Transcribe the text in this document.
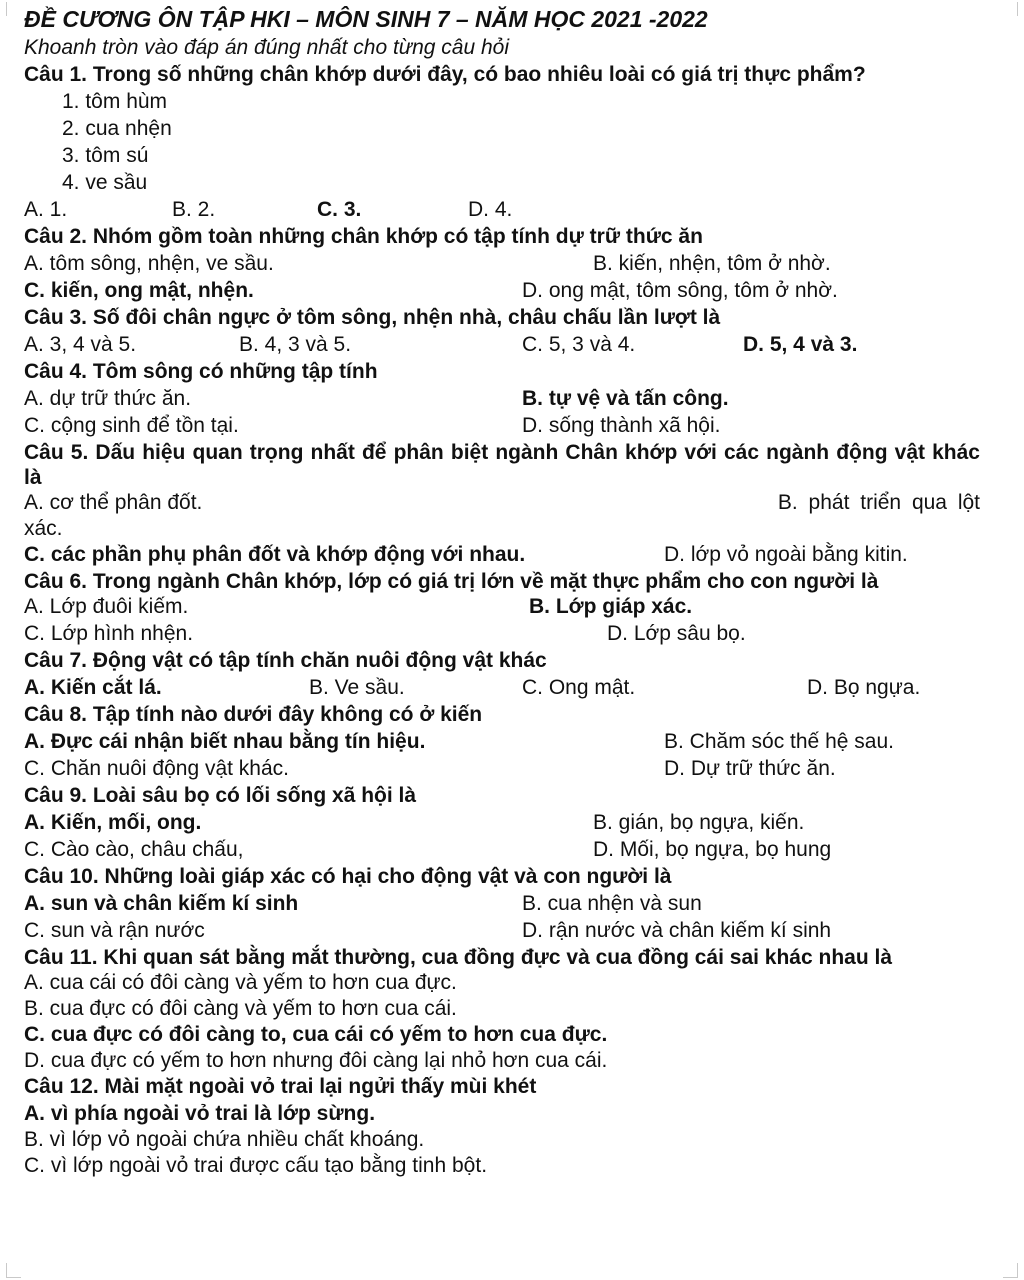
ĐỀ CƯƠNG ÔN TẬP HKI – MÔN SINH 7 – NĂM HỌC 2021 -2022
Khoanh tròn vào đáp án đúng nhất cho từng câu hỏi
Câu 1. Trong số những chân khớp dưới đây, có bao nhiêu loài có giá trị thực phẩm?
1. tôm hùm
2. cua nhện
3. tôm sú
4. ve sầu
A. 1.	B. 2.	C. 3.	D. 4.
Câu 2. Nhóm gồm toàn những chân khớp có tập tính dự trữ thức ăn
A. tôm sông, nhện, ve sầu.	B. kiến, nhện, tôm ở nhờ.
C. kiến, ong mật, nhện.	D. ong mật, tôm sông, tôm ở nhờ.
Câu 3. Số đôi chân ngực ở tôm sông, nhện nhà, châu chấu lần lượt là
A. 3, 4 và 5.	B. 4, 3 và 5.	C. 5, 3 và 4.	D. 5, 4 và 3.
Câu 4. Tôm sông có những tập tính
A. dự trữ thức ăn.	B. tự vệ và tấn công.
C. cộng sinh để tồn tại.	D. sống thành xã hội.
Câu 5. Dấu hiệu quan trọng nhất để phân biệt ngành Chân khớp với các ngành động vật khác là
A. cơ thể phân đốt.	B. phát triển qua lột
xác.
C. các phần phụ phân đốt và khớp động với nhau.	D. lớp vỏ ngoài bằng kitin.
Câu 6. Trong ngành Chân khớp, lớp có giá trị lớn về mặt thực phẩm cho con người là
A. Lớp đuôi kiếm.	B. Lớp giáp xác.
C. Lớp hình nhện.	D. Lớp sâu bọ.
Câu 7. Động vật có tập tính chăn nuôi động vật khác
A. Kiến cắt lá.	B. Ve sầu.	C. Ong mật.	D. Bọ ngựa.
Câu 8. Tập tính nào dưới đây không có ở kiến
A. Đực cái nhận biết nhau bằng tín hiệu.	B. Chăm sóc thế hệ sau.
C. Chăn nuôi động vật khác.	D. Dự trữ thức ăn.
Câu 9. Loài sâu bọ có lối sống xã hội là
A. Kiến, mối, ong.	B. gián, bọ ngựa, kiến.
C. Cào cào, châu chấu,	D. Mối, bọ ngựa, bọ hung
Câu 10. Những loài giáp xác có hại cho động vật và con người là
A. sun và chân kiếm kí sinh	B. cua nhện và sun
C. sun và rận nước	D. rận nước và chân kiếm kí sinh
Câu 11. Khi quan sát bằng mắt thường, cua đồng đực và cua đồng cái sai khác nhau là
A. cua cái có đôi càng và yếm to hơn cua đực.
B. cua đực có đôi càng và yếm to hơn cua cái.
C. cua đực có đôi càng to, cua cái có yếm to hơn cua đực.
D. cua đực có yếm to hơn nhưng đôi càng lại nhỏ hơn cua cái.
Câu 12. Mài mặt ngoài vỏ trai lại ngửi thấy mùi khét
A. vì phía ngoài vỏ trai là lớp sừng.
B. vì lớp vỏ ngoài chứa nhiều chất khoáng.
C. vì lớp ngoài vỏ trai được cấu tạo bằng tinh bột.
